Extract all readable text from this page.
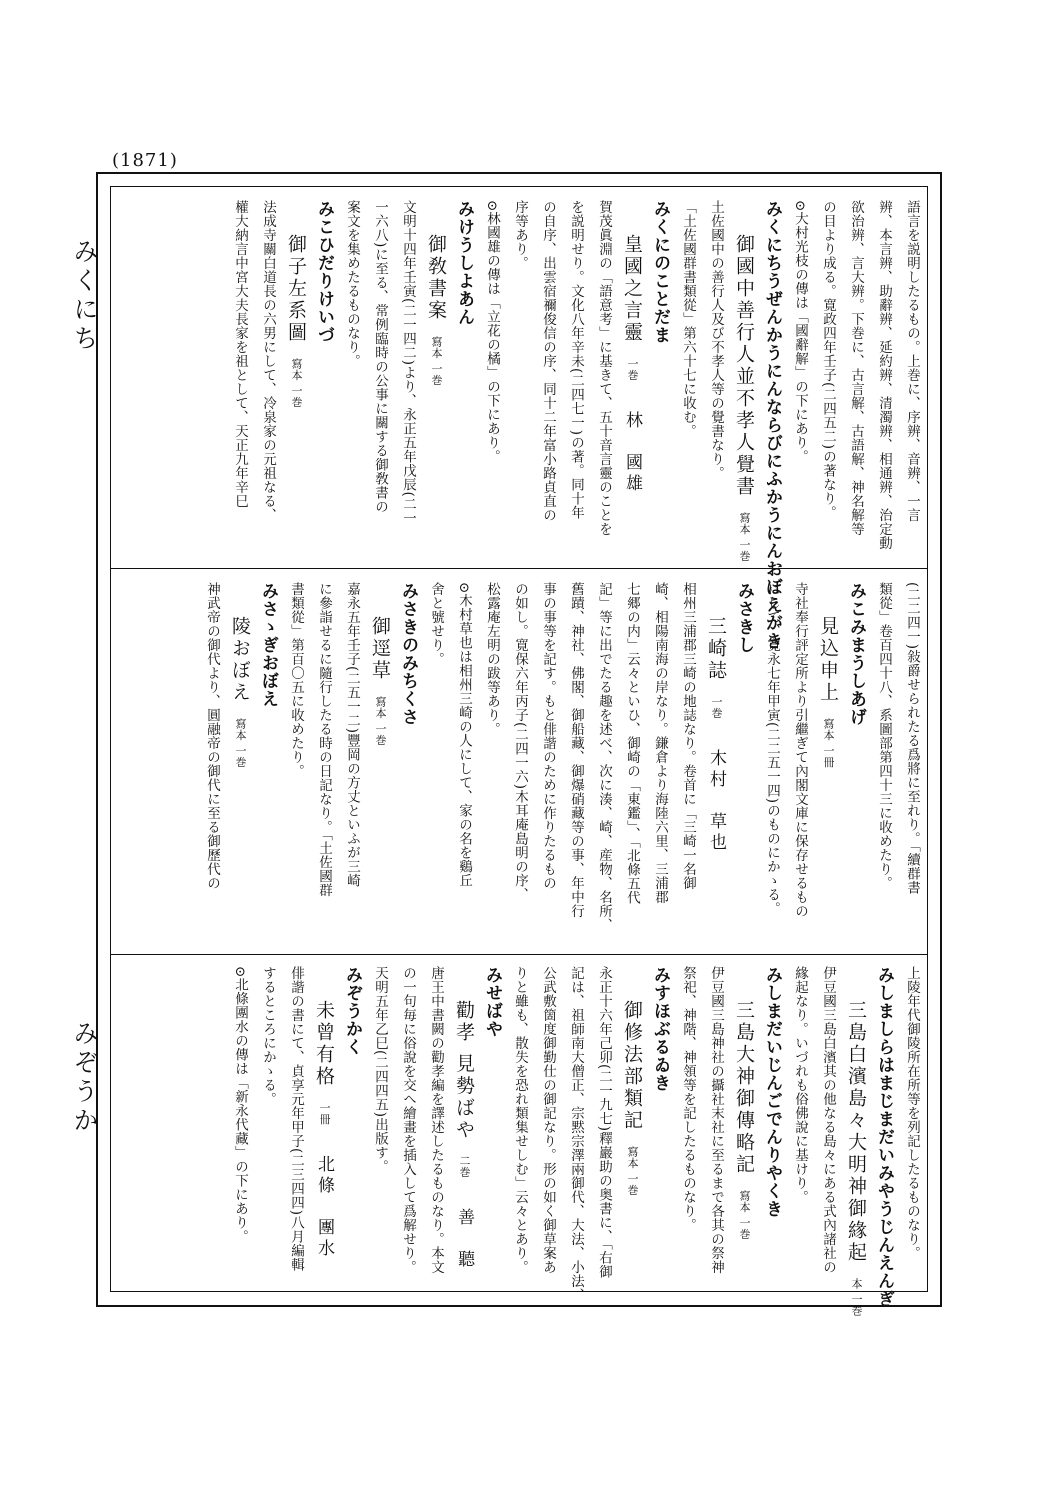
(1871)
みくにち
みぞうか
語言を説明したるもの。上巻に、序辨、音辨、一言
辨、本言辨、助辭辨、延約辨、清濁辨、相通辨、治定動
欲治辨、言大辨。下巻に、古言解、古語解、神名解等
の目より成る。寛政四年壬子(二四五二)の著なり。
⊙大村光枝の傳は「國辭解」の下にあり。
みくにちうぜんかうにんならびにふかうにんおぼえがき
御國中善行人並不孝人覺書寫本 一巻
土佐國中の善行人及び不孝人等の覺書なり。
「土佐國群書類從」第六十七に收む。
みくにのことだま
皇國之言靈一巻林　國雄
賀茂眞淵の「語意考」に基きて、五十音言靈のことを
を説明せり。文化八年辛未(二四七一)の著。同十年
の自序、出雲宿禰俊信の序、同十二年富小路貞直の
序等あり。
⊙林國雄の傳は「立花の橘」の下にあり。
みけうしよあん
御敎書案寫本 一巻
文明十四年壬寅(二一四二)より、永正五年戊辰(二一
一六八)に至る、常例臨時の公事に關する御敎書の
案文を集めたるものなり。
みこひだりけいづ
御子左系圖寫本 一巻
法成寺關白道長の六男にして、冷泉家の元祖なる、
權大納言中宮大夫長家を祖として、天正九年辛巳
(二二四一)敍爵せられたる爲將に至れり。「續群書
類從」卷百四十八、系圖部第四十三に收めたり。
みこみまうしあげ
見込申上寫本 一冊
寺社奉行評定所より引繼ぎて內閣文庫に保存せるもの
にして、寛永七年甲寅(二二五一四)のものにかゝる。
みさきし
三崎誌一巻木村　草也
相州三浦郡三崎の地誌なり。卷首に「三崎一名御
崎、相陽南海の岸なり。鎌倉より海陸六里、三浦郡
七郷の内」云々といひ、御崎の「東鑑」、「北條五代
記」等に出でたる趣を述べ、次に湊、崎、産物、名所、
舊蹟、神社、佛閣、御船藏、御爆硝藏等の事、年中行
事の事等を記す。もと俳諧のために作りたるもの
の如し。寛保六年丙子(二四一六)木耳庵島明の序、
松露庵左明の跋等あり。
⊙木村草也は相州三崎の人にして、家の名を鷄丘
舍と號せり。
みさきのみちくさ
御逕草寫本 一巻
嘉永五年壬子(二五一二)豐岡の方丈といふが三崎
に參詣せるに隨行したる時の日記なり。「土佐國群
書類從」第百〇五に收めたり。
みさゝぎおぼえ
陵おぼえ寫本 一巻
神武帝の御代より、圓融帝の御代に至る御歷代の
上陵年代御陵所在所等を列記したるものなり。
みしましらはまじまだいみやうじんえんぎ
三島白濱島々大明神御緣起本 一巻
伊豆國三島白濱其の他なる島々にある式內諸社の
緣起なり。いづれも俗佛說に基けり。
みしまだいじんごでんりやくき
三島大神御傳略記寫本 一巻
伊豆國三島神社の攝社末社に至るまで各其の祭神
祭祀、神階、神領等を記したるものなり。
みすほぶるゐき
御修法部類記寫本 一巻
永正十六年己卯(二一九七)釋巖助の奥書に、「右御
記は、祖師南大僧正、宗黙宗澤兩御代、大法、小法、
公武敷箇度御勤仕の御記なり。形の如く御草案あ
りと雖も、散失を恐れ類集せしむ」云々とあり。
みせばや
勸孝 見勢ばや二巻善　聽
唐王中書闕の勸孝編を譯述したるものなり。本文
の一句毎に俗說を交へ繪畫を插入して爲解せり。
天明五年乙巳(二四四五)出版す。
みぞうかく
未曾有格一冊北條　團水
俳諧の書にて、貞享元年甲子(二三四四)八月編輯
するところにかゝる。
⊙北條團水の傳は「新永代藏」の下にあり。
